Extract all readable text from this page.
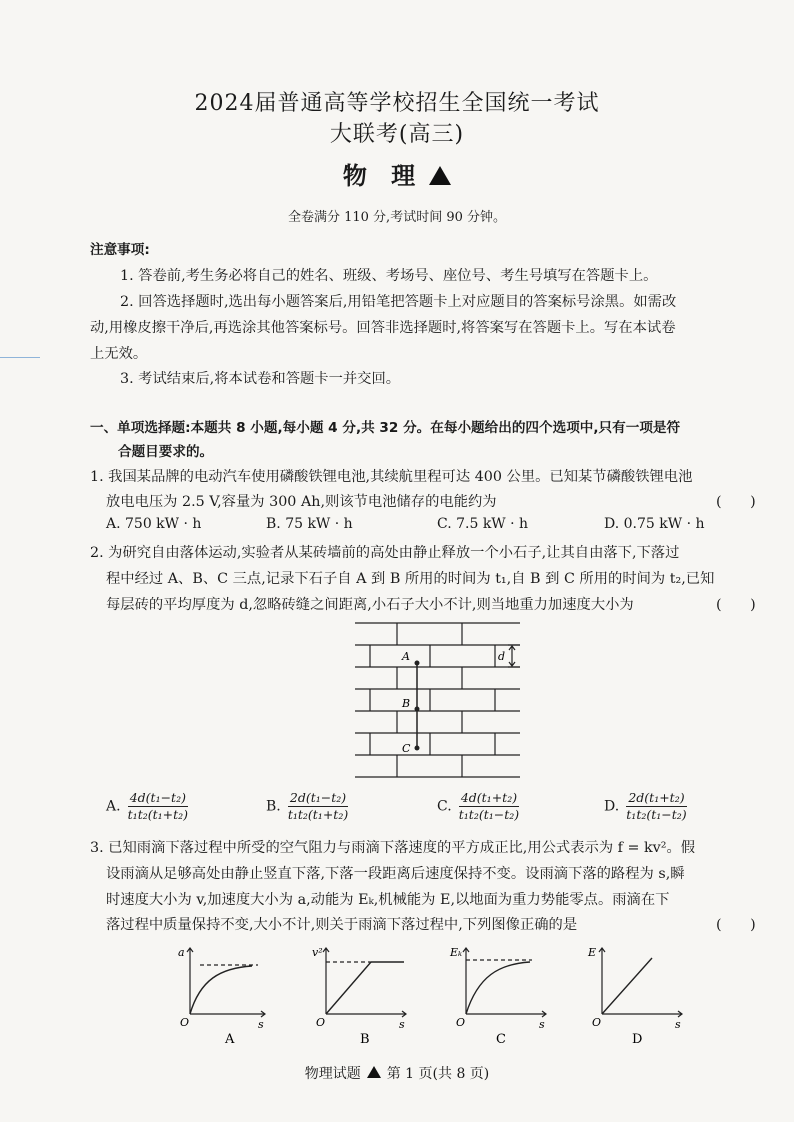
2024届普通高等学校招生全国统一考试
大联考(高三)
物 理
全卷满分 110 分,考试时间 90 分钟。
注意事项:
1. 答卷前,考生务必将自己的姓名、班级、考场号、座位号、考生号填写在答题卡上。
2. 回答选择题时,选出每小题答案后,用铅笔把答题卡上对应题目的答案标号涂黑。如需改
动,用橡皮擦干净后,再选涂其他答案标号。回答非选择题时,将答案写在答题卡上。写在本试卷
上无效。
3. 考试结束后,将本试卷和答题卡一并交回。
一、单项选择题:本题共 8 小题,每小题 4 分,共 32 分。在每小题给出的四个选项中,只有一项是符
合题目要求的。
1. 我国某品牌的电动汽车使用磷酸铁锂电池,其续航里程可达 400 公里。已知某节磷酸铁锂电池
放电电压为 2.5 V,容量为 300 Ah,则该节电池储存的电能约为	(　　)
A. 750 kW · h	B. 75 kW · h	C. 7.5 kW · h	D. 0.75 kW · h
2. 为研究自由落体运动,实验者从某砖墙前的高处由静止释放一个小石子,让其自由落下,下落过
程中经过 A、B、C 三点,记录下石子自 A 到 B 所用的时间为 t₁,自 B 到 C 所用的时间为 t₂,已知
每层砖的平均厚度为 d,忽略砖缝之间距离,小石子大小不计,则当地重力加速度大小为	(　　)
A
B
C
d
A. $\frac{\text{4d(t₁−t₂)}}{\text{t₁t₂(t₁+t₂)}}$	B. $\frac{\text{2d(t₁−t₂)}}{\text{t₁t₂(t₁+t₂)}}$	C. $\frac{\text{4d(t₁+t₂)}}{\text{t₁t₂(t₁−t₂)}}$	D. $\frac{\text{2d(t₁+t₂)}}{\text{t₁t₂(t₁−t₂)}}$
3. 已知雨滴下落过程中所受的空气阻力与雨滴下落速度的平方成正比,用公式表示为 f = kv²。假
设雨滴从足够高处由静止竖直下落,下落一段距离后速度保持不变。设雨滴下落的路程为 s,瞬
时速度大小为 v,加速度大小为 a,动能为 Eₖ,机械能为 E,以地面为重力势能零点。雨滴在下
落过程中质量保持不变,大小不计,则关于雨滴下落过程中,下列图像正确的是	(　　)
a
s
O
A
v²
s
O
B
Eₖ
s
O
C
E
s
O
D
物理试题 第 1 页(共 8 页)
